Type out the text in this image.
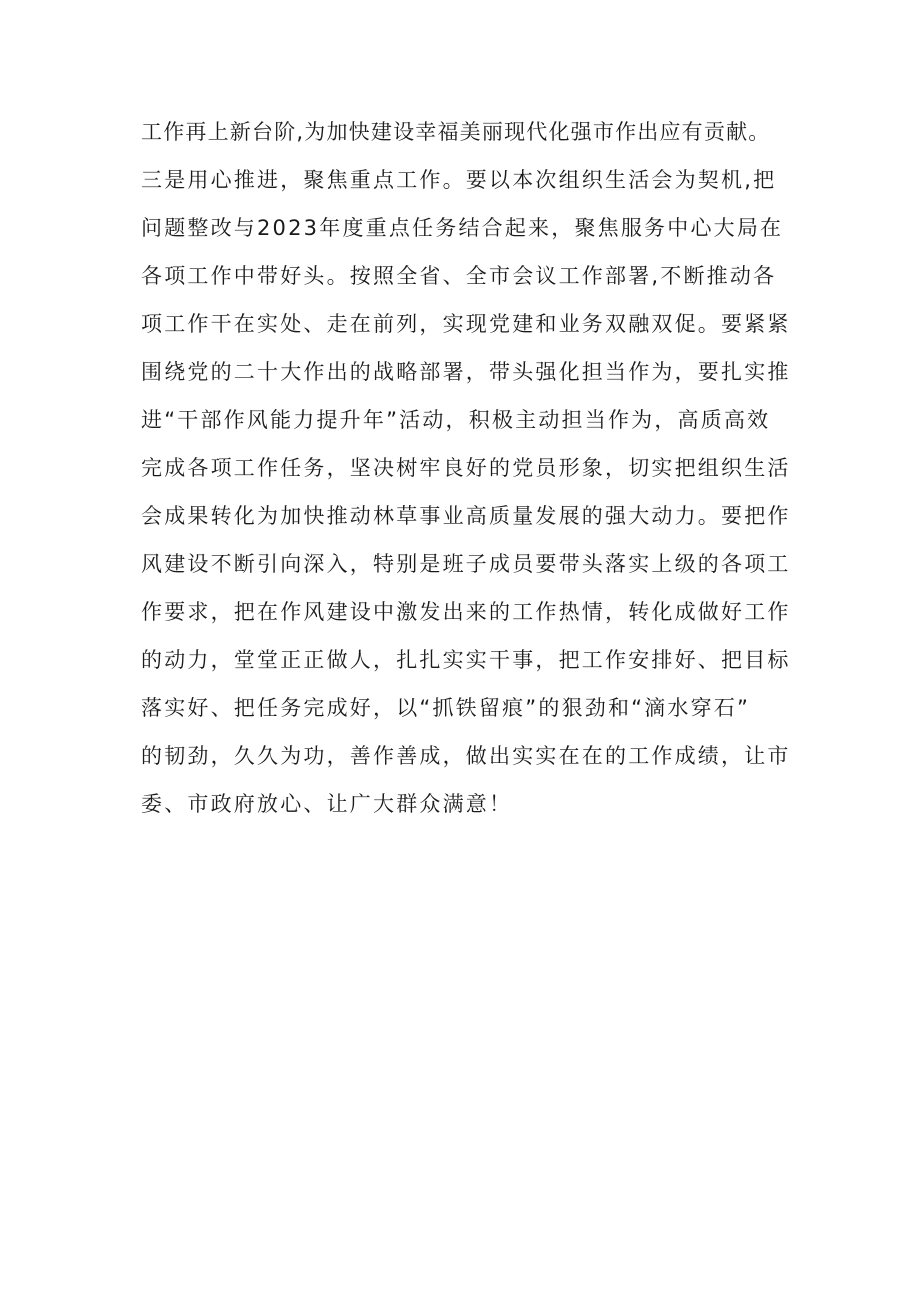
工作再上新台阶,为加快建设幸福美丽现代化强市作出应有贡献。
三是用心推进，聚焦重点工作。要以本次组织生活会为契机,把
问题整改与2023年度重点任务结合起来，聚焦服务中心大局在
各项工作中带好头。按照全省、全市会议工作部署,不断推动各
项工作干在实处、走在前列，实现党建和业务双融双促。要紧紧
围绕党的二十大作出的战略部署，带头强化担当作为，要扎实推
进“干部作风能力提升年”活动，积极主动担当作为，高质高效
完成各项工作任务，坚决树牢良好的党员形象，切实把组织生活
会成果转化为加快推动林草事业高质量发展的强大动力。要把作
风建设不断引向深入，特别是班子成员要带头落实上级的各项工
作要求，把在作风建设中激发出来的工作热情，转化成做好工作
的动力，堂堂正正做人，扎扎实实干事，把工作安排好、把目标
落实好、把任务完成好，以“抓铁留痕”的狠劲和“滴水穿石”
的韧劲，久久为功，善作善成，做出实实在在的工作成绩，让市
委、市政府放心、让广大群众满意！
